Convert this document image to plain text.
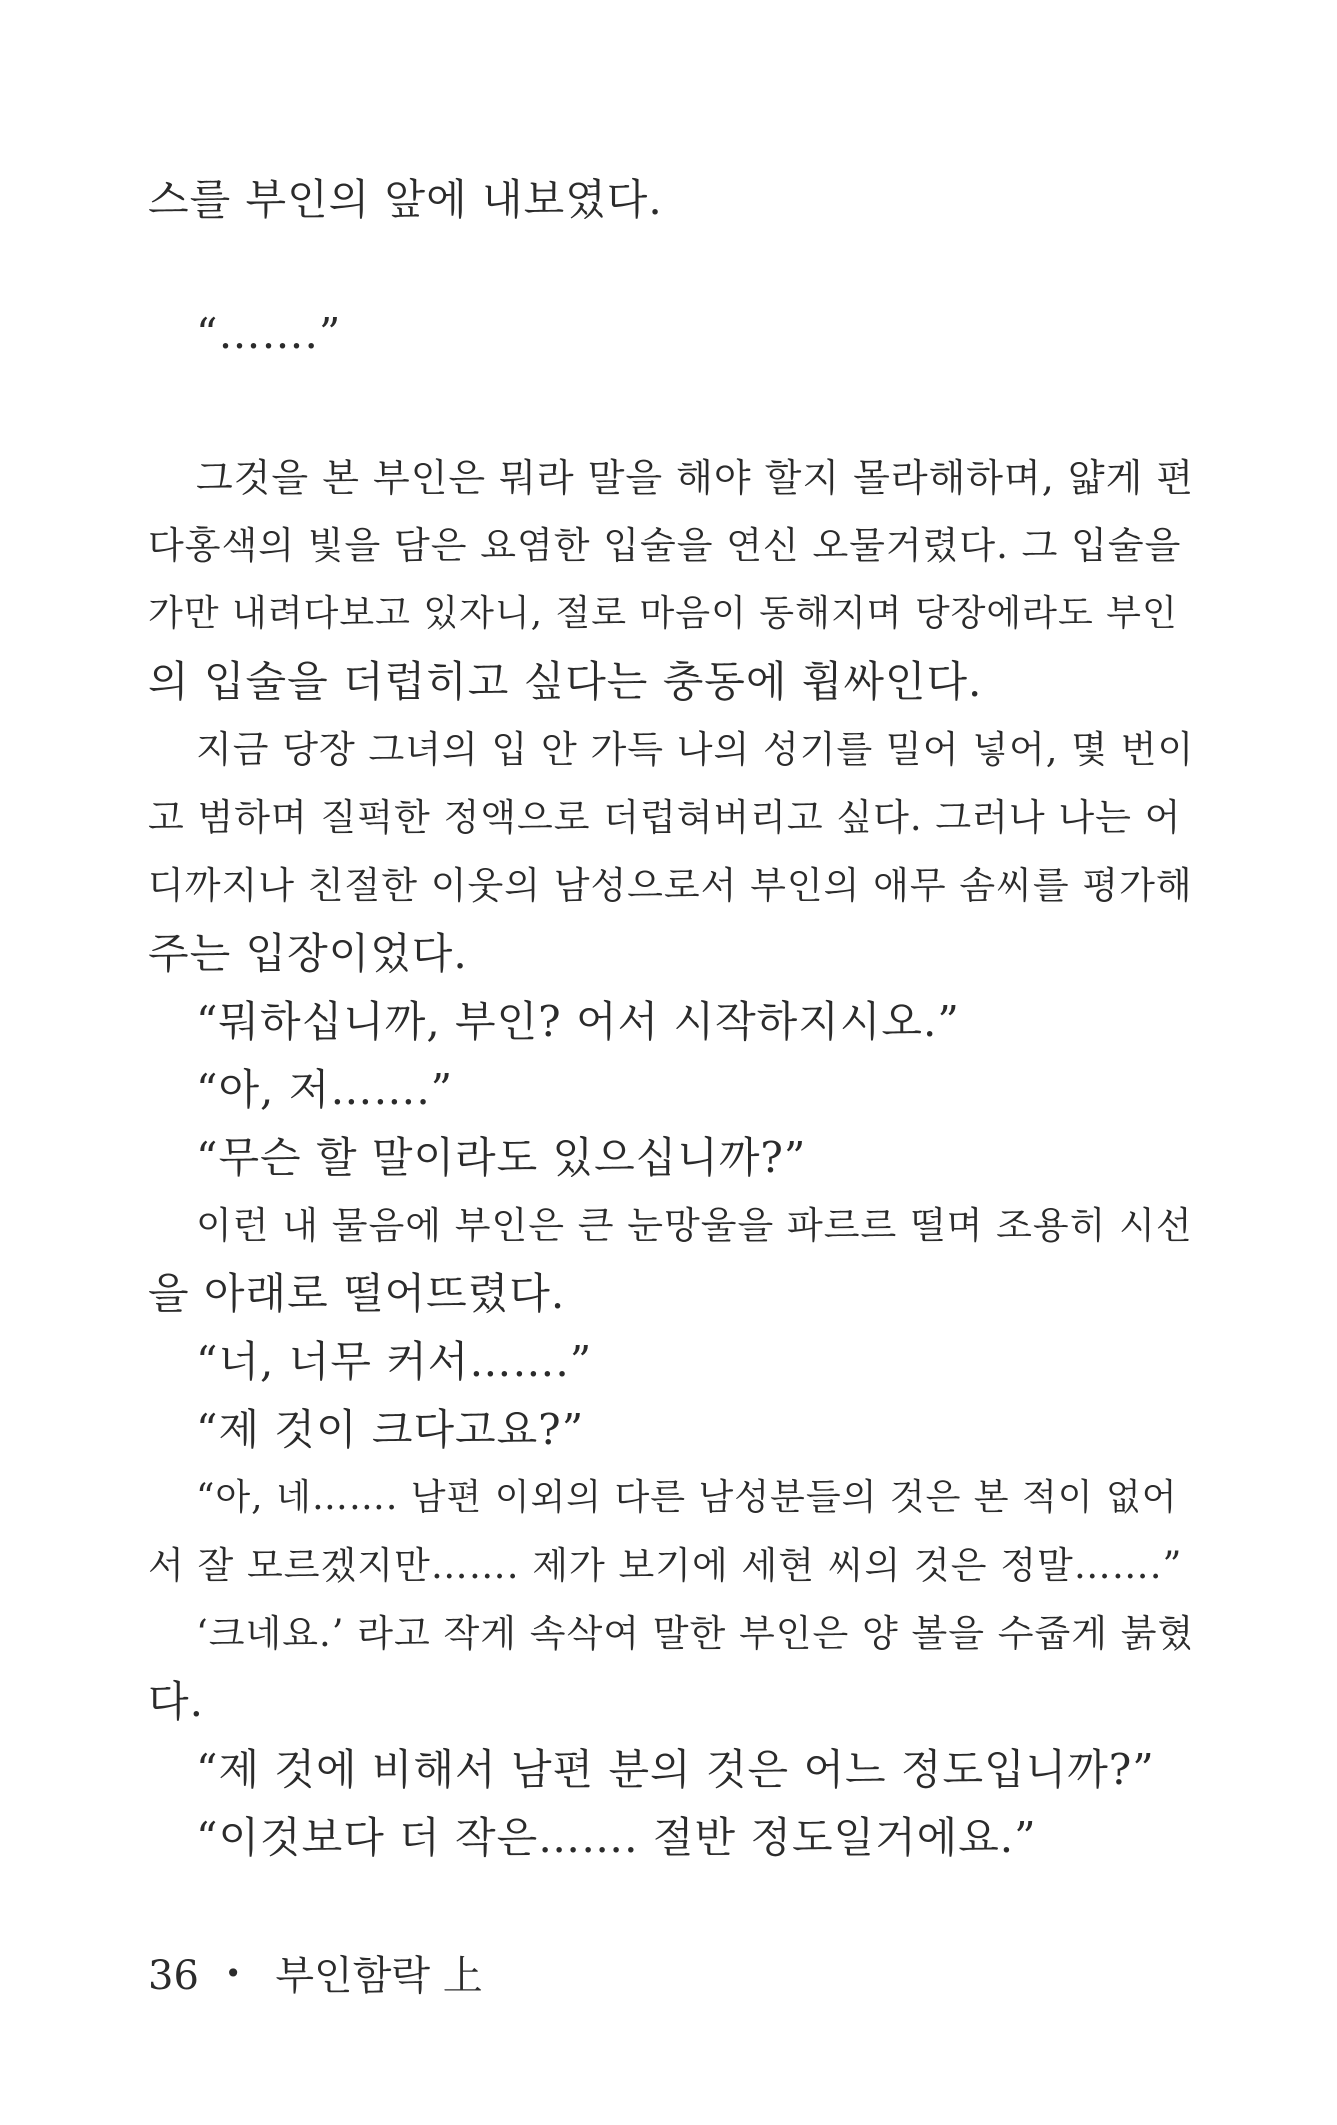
스를 부인의 앞에 내보였다.
“…….”
그것을 본 부인은 뭐라 말을 해야 할지 몰라해하며, 얇게 편
다홍색의 빛을 담은 요염한 입술을 연신 오물거렸다. 그 입술을
가만 내려다보고 있자니, 절로 마음이 동해지며 당장에라도 부인
의 입술을 더럽히고 싶다는 충동에 휩싸인다.
지금 당장 그녀의 입 안 가득 나의 성기를 밀어 넣어, 몇 번이
고 범하며 질퍽한 정액으로 더럽혀버리고 싶다. 그러나 나는 어
디까지나 친절한 이웃의 남성으로서 부인의 애무 솜씨를 평가해
주는 입장이었다.
“뭐하십니까, 부인? 어서 시작하지시오.”
“아, 저…….”
“무슨 할 말이라도 있으십니까?”
이런 내 물음에 부인은 큰 눈망울을 파르르 떨며 조용히 시선
을 아래로 떨어뜨렸다.
“너, 너무 커서…….”
“제 것이 크다고요?”
“아, 네……. 남편 이외의 다른 남성분들의 것은 본 적이 없어
서 잘 모르겠지만……. 제가 보기에 세현 씨의 것은 정말…….”
‘크네요.’ 라고 작게 속삭여 말한 부인은 양 볼을 수줍게 붉혔
다.
“제 것에 비해서 남편 분의 것은 어느 정도입니까?”
“이것보다 더 작은……. 절반 정도일거에요.”
36 • 부인함락 上
